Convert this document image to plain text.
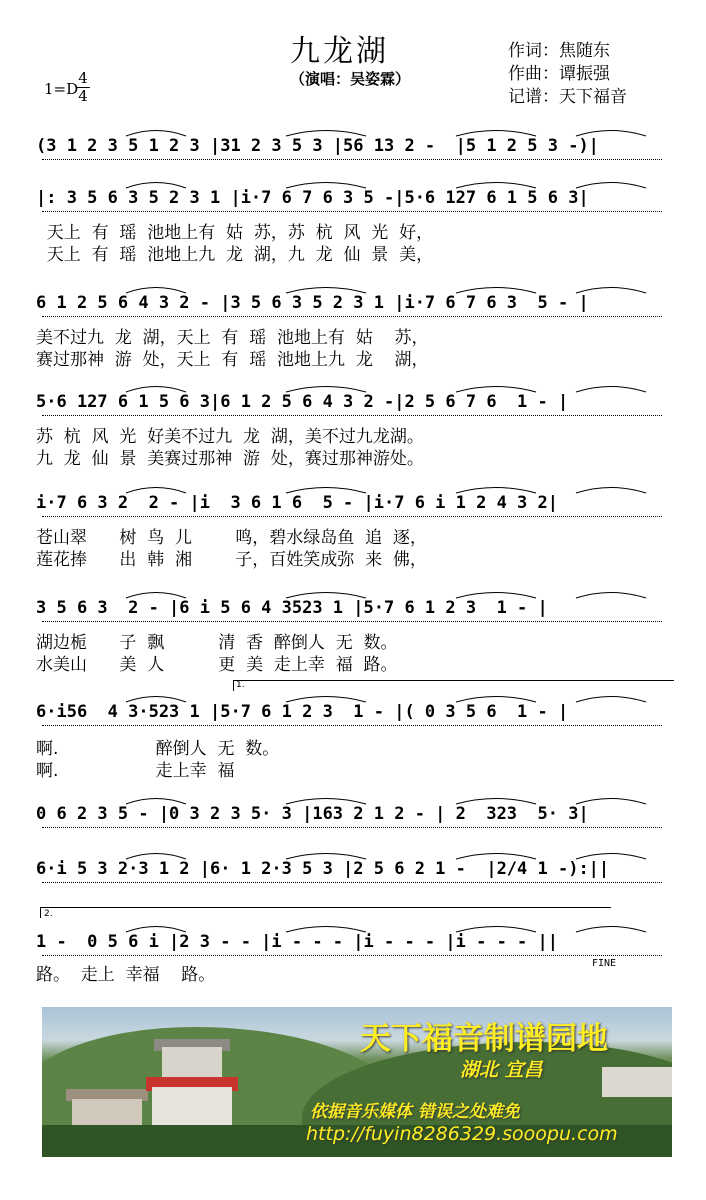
九龙湖
（演唱：吴姿霖）
作词：焦随东
作曲：谭振强
记谱：天下福音
1=D
4
4
(3 1 2 3 5 1 2 3 |31 2 3 5 3 |56 13 2 -  |5 1 2 5 3 -)|
|: 3 5 6 3 5 2 3 1 |i·7 6 7 6 3 5 -|5·6 127 6 1 5 6 3|
天上  有  瑶  池地上有  姑  苏，苏  杭  风  光  好，
天上  有  瑶  池地上九  龙  湖，九  龙  仙  景  美，
6 1 2 5 6 4 3 2 - |3 5 6 3 5 2 3 1 |i·7 6 7 6 3  5 - |
美不过九  龙  湖，天上  有  瑶  池地上有  姑    苏，
赛过那神  游  处，天上  有  瑶  池地上九  龙    湖，
5·6 127 6 1 5 6 3|6 1 2 5 6 4 3 2 -|2 5 6 7 6  1 - |
苏  杭  风  光  好美不过九  龙  湖，美不过九龙湖。
九  龙  仙  景  美赛过那神  游  处，赛过那神游处。
i·7 6 3 2  2 - |i  3 6 1 6  5 - |i·7 6 i 1 2 4 3 2|
苍山翠      树  鸟  儿        鸣，碧水绿岛鱼  追  逐，
莲花捧      出  韩  湘        子，百姓笑成弥  来  佛，
3 5 6 3  2 - |6 i 5 6 4 3523 1 |5·7 6 1 2 3  1 - |
湖边栀      子  飘          清  香  醉倒人  无  数。
水美山      美  人          更  美  走上幸  福  路。
6·i56  4 3·523 1 |5·7 6 1 2 3  1 - |( 0 3 5 6  1 - |
啊.                  醉倒人  无  数。
啊.                  走上幸  福
0 6 2 3 5 - |0 3 2 3 5· 3 |163 2 1 2 - | 2  323  5· 3|
6·i 5 3 2·3 1 2 |6· 1 2·3 5 3 |2 5 6 2 1 -  |2/4 1 -):||
1 -  0 5 6 i |2 3 - - |i - - - |i - - - |i - - - ||
路。  走上  幸福    路。
1.
2.
FINE
天下福音制谱园地
湖北 宜昌
依据音乐媒体 错误之处难免
http://fuyin8286329.sooopu.com
